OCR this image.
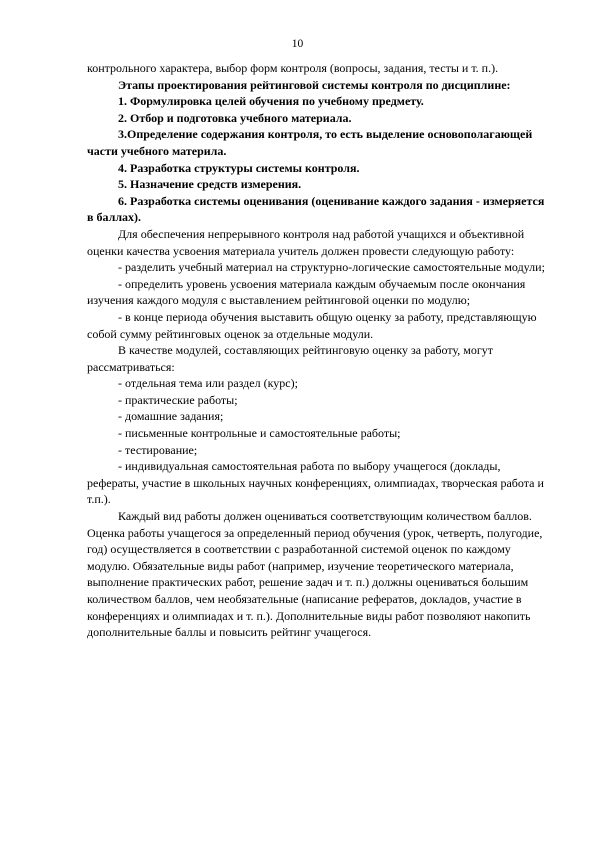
10

контрольного характера, выбор форм контроля (вопросы, задания, тесты и т. п.).

Этапы проектирования рейтинговой системы контроля по дисциплине:

1. Формулировка целей обучения по учебному предмету.

2. Отбор и подготовка учебного материала.

3.Определение содержания контроля, то есть выделение основополагающей части учебного материла.

4. Разработка структуры системы контроля.

5. Назначение средств измерения.

6. Разработка системы оценивания (оценивание каждого задания - измеряется в баллах).

Для обеспечения непрерывного контроля над работой учащихся и объективной оценки качества усвоения материала учитель должен провести следующую работу:

- разделить учебный материал на структурно-логические самостоятельные модули;

- определить уровень усвоения материала каждым обучаемым после окончания изучения каждого модуля с выставлением рейтинговой оценки по модулю;

- в конце периода обучения выставить общую оценку за работу, представляющую собой сумму рейтинговых оценок за отдельные модули.

В качестве модулей, составляющих рейтинговую оценку за работу, могут рассматриваться:

- отдельная тема или раздел (курс);

- практические работы;

- домашние задания;

- письменные контрольные и самостоятельные работы;

- тестирование;

- индивидуальная самостоятельная работа по выбору учащегося (доклады, рефераты, участие в школьных научных конференциях, олимпиадах, творческая работа и т.п.).

Каждый вид работы должен оцениваться соответствующим количеством баллов. Оценка работы учащегося за определенный период обучения (урок, четверть, полугодие, год) осуществляется в соответствии с разработанной системой оценок по каждому модулю. Обязательные виды работ (например, изучение теоретического материала, выполнение практических работ, решение задач и т. п.) должны оцениваться большим количеством баллов, чем необязательные (написание рефератов, докладов, участие в конференциях и олимпиадах и т. п.). Дополнительные виды работ позволяют накопить дополнительные баллы и повысить рейтинг учащегося.
